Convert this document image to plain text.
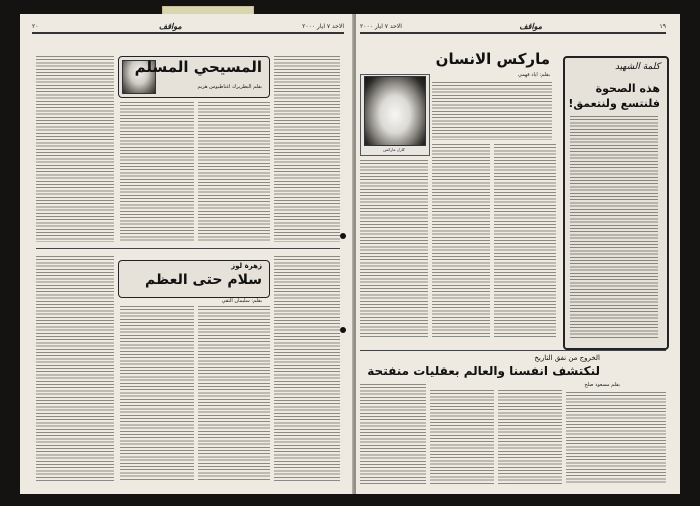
الاحد ٧ ايار ٢٠٠٠
مواقف
٢٠
المسيحي المسلم
بقلم البطريرك اغناطيوس هزيم
زهرة لوز
سلام حتى العظم
بقلم: سليمان التقي
١٩
مواقف
الاحد ٧ ايار ٢٠٠٠
ماركس الانسان
بقلم: اياد فهمي
كارل ماركس
كلمة الشهيد
هذه الصحوة
فلنتسع ولنتعمق!
الخروج من نفق التاريخ
لنكتشف انفسنا والعالم بعقليات منفتحة
بقلم مسعود صلح
